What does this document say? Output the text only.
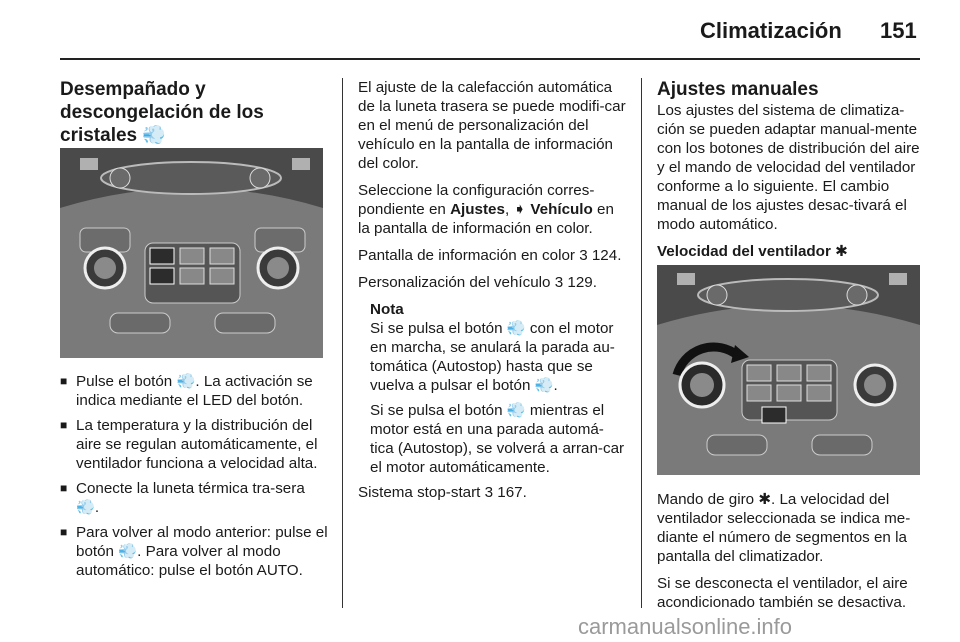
Climatización 151
Desempañado y
descongelación de los
cristales 💨
■ Pulse el botón 💨. La activación se indica mediante el LED del botón.
■ La temperatura y la distribución del aire se regulan automáticamente, el ventilador funciona a velocidad alta.
■ Conecte la luneta térmica tra-sera 💨.
■ Para volver al modo anterior: pulse el botón 💨. Para volver al modo automático: pulse el botón AUTO.

El ajuste de la calefacción automática de la luneta trasera se puede modifi-car en el menú de personalización del vehículo en la pantalla de información del color.

Seleccione la configuración corres-pondiente en Ajustes, ➧ Vehículo en la pantalla de información en color.

Pantalla de información en color 3 124.

Personalización del vehículo 3 129.

Nota

Si se pulsa el botón 💨 con el motor en marcha, se anulará la parada au-tomática (Autostop) hasta que se vuelva a pulsar el botón 💨.

Si se pulsa el botón 💨 mientras el motor está en una parada automá-tica (Autostop), se volverá a arran-car el motor automáticamente.

Sistema stop-start 3 167.

Ajustes manuales

Los ajustes del sistema de climatiza-ción se pueden adaptar manual-mente con los botones de distribución del aire y el mando de velocidad del ventilador conforme a lo siguiente. El cambio manual de los ajustes desac-tivará el modo automático.

Velocidad del ventilador ✱

Mando de giro ✱. La velocidad del ventilador seleccionada se indica me-diante el número de segmentos en la pantalla del climatizador.

Si se desconecta el ventilador, el aire acondicionado también se desactiva.

carmanualsonline.info
